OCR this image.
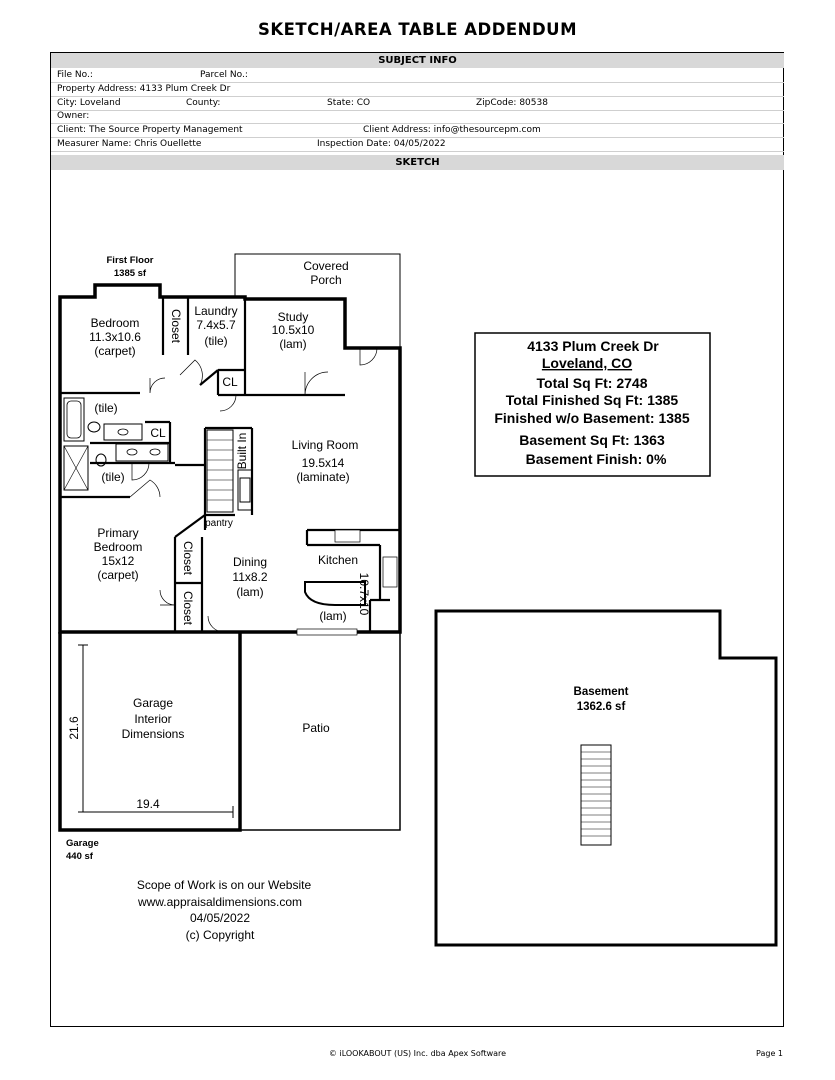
SKETCH/AREA TABLE ADDENDUM
SUBJECT INFO
File No.:	Parcel No.:
Property Address: 4133 Plum Creek Dr
City: Loveland	County:	State: CO	ZipCode: 80538
Owner:
Client: The Source Property Management	Client Address: info@thesourcepm.com
Measurer Name: Chris Ouellette	Inspection Date: 04/05/2022
SKETCH
First Floor
1385 sf
Covered
Porch
Bedroom
11.3x10.6
(carpet)
Closet Laundry
7.4x5.7
(tile)
Study
10.5x10
(lam)
CL
(tile)
CL
(tile)
Built In	Living Room
19.5x14
(laminate)
pantry
Primary
Bedroom
15x12
(carpet)	Closet
Closet
Dining
11x8.2
(lam)
Kitchen
10.7x10
(lam)
Garage
Interior
Dimensions
21.6
19.4
Patio
Garage
440 sf
Scope of Work is on our Website
www.appraisaldimensions.com
04/05/2022
(c) Copyright
4133 Plum Creek Dr
Loveland, CO
Total Sq Ft: 2748
Total Finished Sq Ft: 1385
Finished w/o Basement: 1385
Basement Sq Ft: 1363
Basement Finish: 0%
Basement
1362.6 sf
© iLOOKABOUT (US) Inc. dba Apex Software	Page 1
